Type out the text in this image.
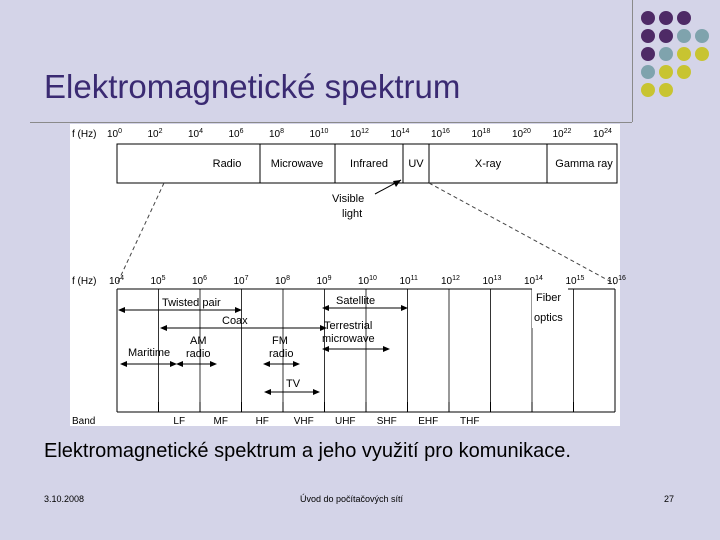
Elektromagnetické spektrum
f (Hz) $10^0$	$10^2$	$10^4$	$10^6$	$10^8$	$10^{10}$ $10^{12}$ $10^{14}$ $10^{16}$ $10^{18}$ $10^{20}$ $10^{22}$ $10^{24}$
Radio	Microwave Infrared UV	X-ray	Gamma ray
Visible
light
f (Hz) $10^4$	$10^5$	$10^6$	$10^7$	$10^8$	$10^9$	$10^{10}$ $10^{11}$ $10^{12}$ $10^{13}$ $10^{14}$ $10^{15}$ $10^{16}$
Twisted pair
Coax
Maritime
AM
radio
FM
radio
TV
Satellite
Terrestrial
microwave
Fiber
optics
Band	LF	MF	HF VHF UHF SHF EHF THF
Elektromagnetické spektrum a jeho využití pro komunikace.
3.10.2008	Úvod do počítačových sítí	27
